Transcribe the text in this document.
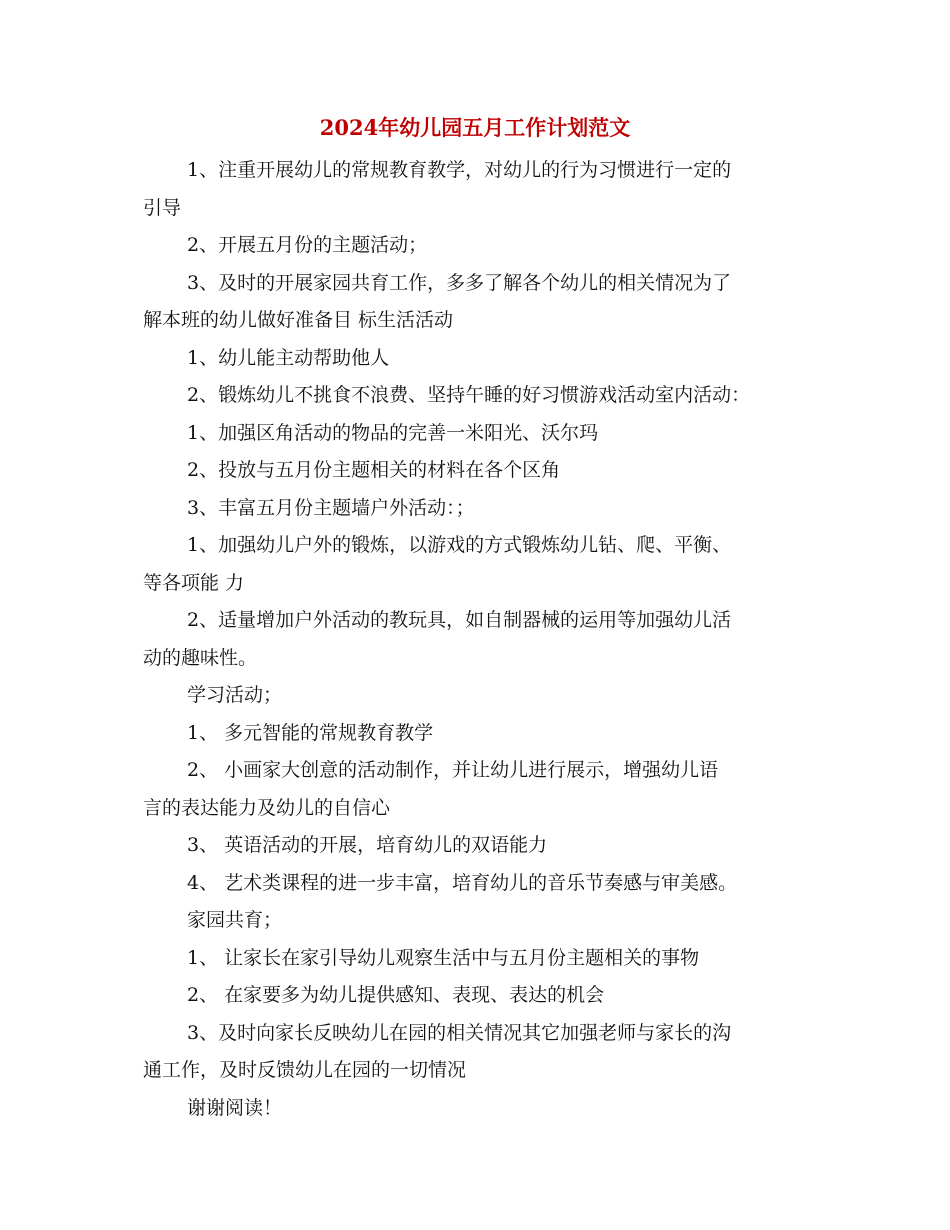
2024年幼儿园五月工作计划范文

1、注重开展幼儿的常规教育教学，对幼儿的行为习惯进行一定的

引导

2、开展五月份的主题活动；

3、及时的开展家园共育工作，多多了解各个幼儿的相关情况为了

解本班的幼儿做好准备目 标生活活动

1、幼儿能主动帮助他人

2、锻炼幼儿不挑食不浪费、坚持午睡的好习惯游戏活动室内活动：

1、加强区角活动的物品的完善一米阳光、沃尔玛

2、投放与五月份主题相关的材料在各个区角

3、丰富五月份主题墙户外活动：；

1、加强幼儿户外的锻炼，以游戏的方式锻炼幼儿钻、爬、平衡、

等各项能 力

2、适量增加户外活动的教玩具，如自制器械的运用等加强幼儿活

动的趣味性。

学习活动；

1、 多元智能的常规教育教学

2、 小画家大创意的活动制作，并让幼儿进行展示，增强幼儿语

言的表达能力及幼儿的自信心

3、 英语活动的开展，培育幼儿的双语能力

4、 艺术类课程的进一步丰富，培育幼儿的音乐节奏感与审美感。

家园共育；

1、 让家长在家引导幼儿观察生活中与五月份主题相关的事物

2、 在家要多为幼儿提供感知、表现、表达的机会

3、及时向家长反映幼儿在园的相关情况其它加强老师与家长的沟

通工作，及时反馈幼儿在园的一切情况

谢谢阅读！
